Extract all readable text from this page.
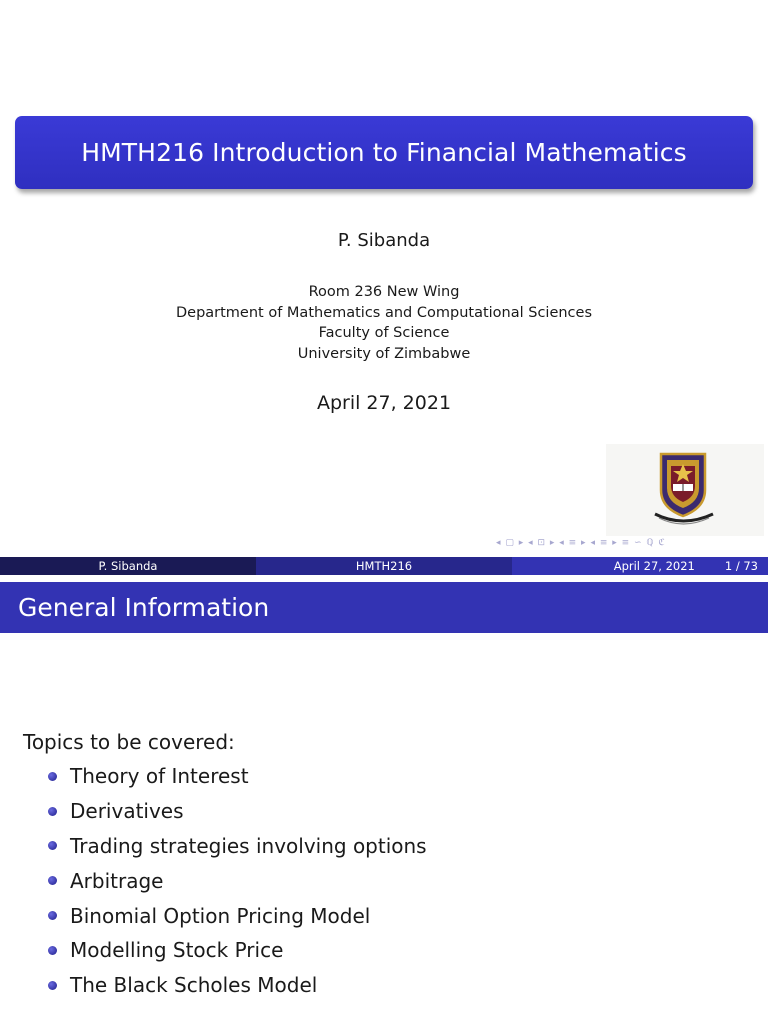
HMTH216 Introduction to Financial Mathematics
P. Sibanda
Room 236 New Wing
Department of Mathematics and Computational Sciences
Faculty of Science
University of Zimbabwe
April 27, 2021
◂ ▢ ▸ ◂ ⊡ ▸ ◂ ≡ ▸ ◂ ≡ ▸ ≡ ∽ ℚ ℭ
P. Sibanda	HMTH216	April 27, 2021	1 / 73
General Information
Topics to be covered:
Theory of Interest
Derivatives
Trading strategies involving options
Arbitrage
Binomial Option Pricing Model
Modelling Stock Price
The Black Scholes Model
